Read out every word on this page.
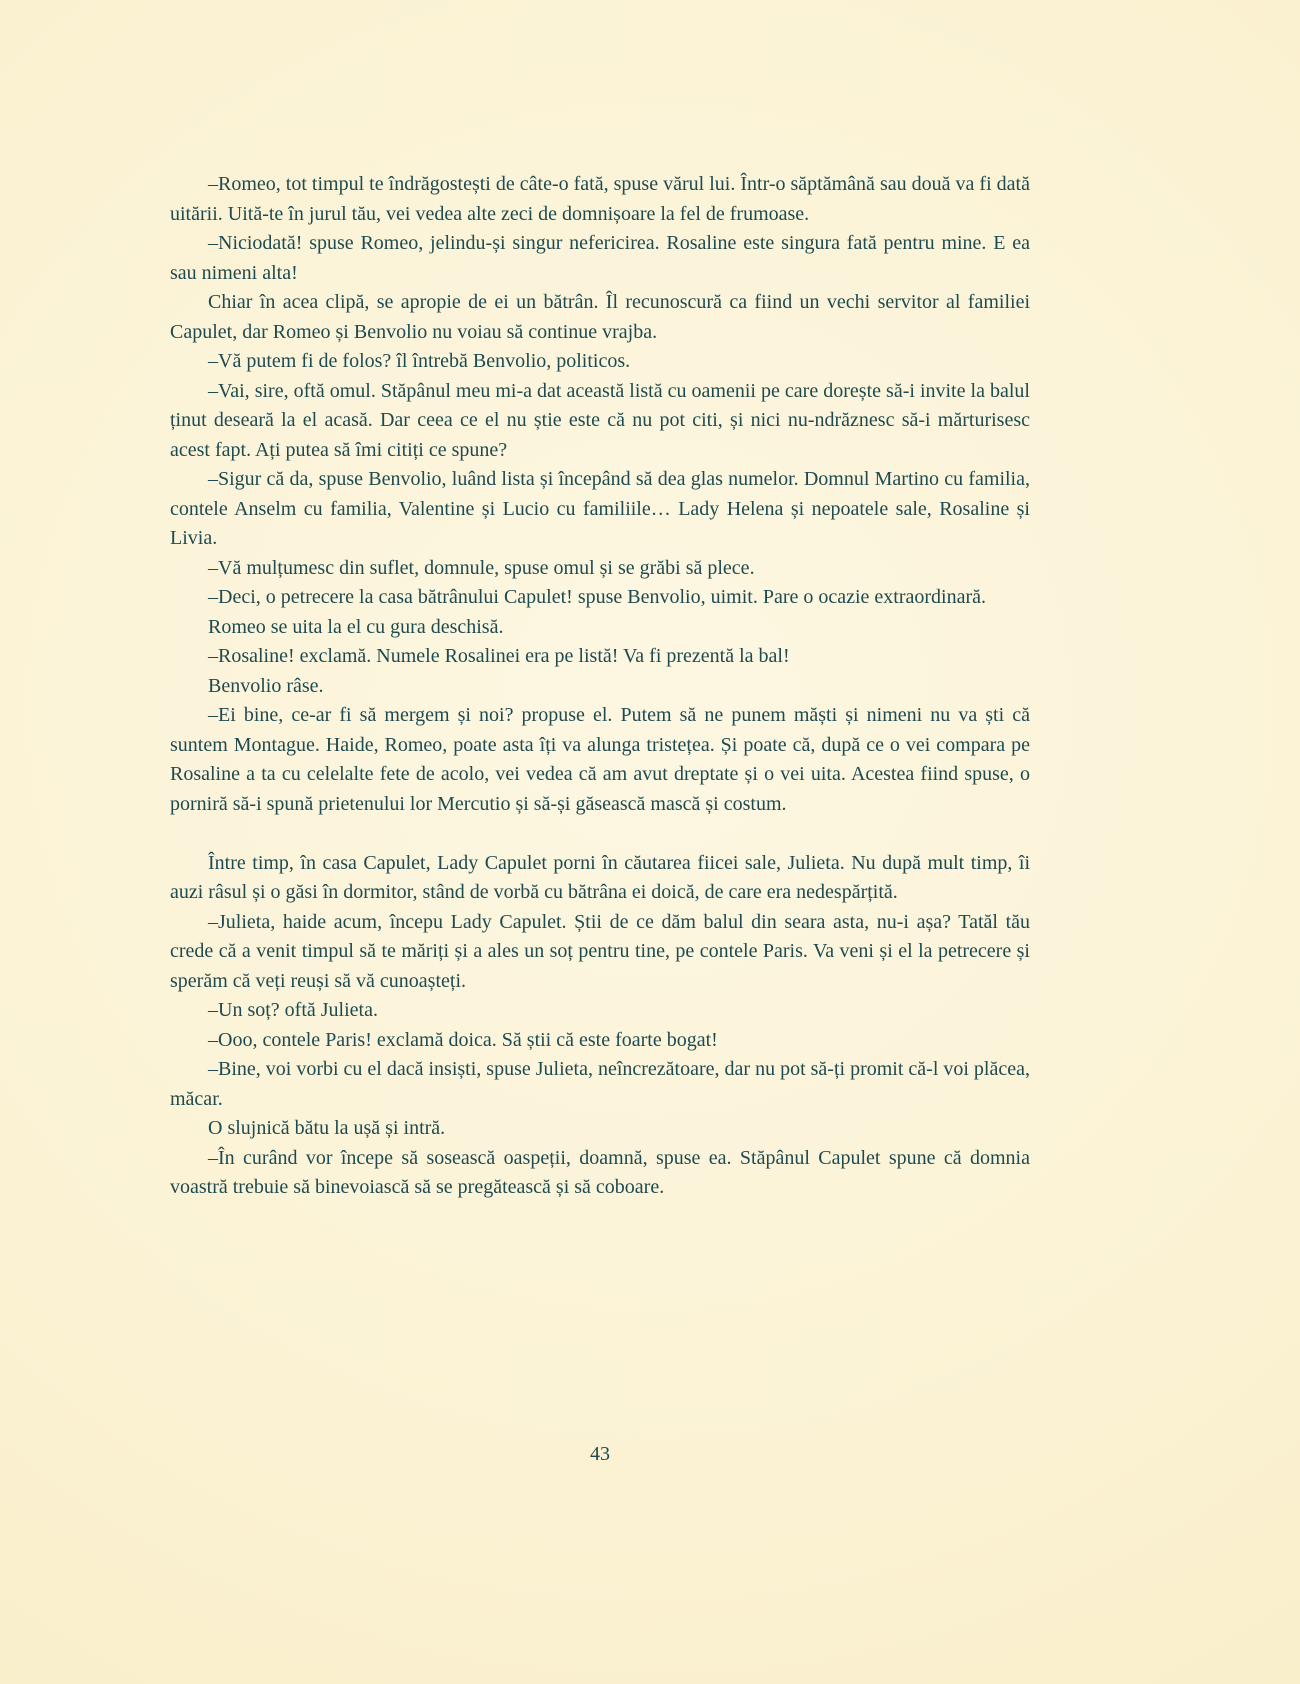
–Romeo, tot timpul te îndrăgostești de câte-o fată, spuse vărul lui. Într-o săptămână sau două va fi dată uitării. Uită-te în jurul tău, vei vedea alte zeci de domnișoare la fel de frumoase.

–Niciodată! spuse Romeo, jelindu-și singur nefericirea. Rosaline este singura fată pentru mine. E ea sau nimeni alta!

Chiar în acea clipă, se apropie de ei un bătrân. Îl recunoscură ca fiind un vechi servitor al familiei Capulet, dar Romeo și Benvolio nu voiau să continue vrajba.

–Vă putem fi de folos? îl întrebă Benvolio, politicos.

–Vai, sire, oftă omul. Stăpânul meu mi-a dat această listă cu oamenii pe care dorește să-i invite la balul ținut deseară la el acasă. Dar ceea ce el nu știe este că nu pot citi, și nici nu-ndrăznesc să-i mărturisesc acest fapt. Ați putea să îmi citiți ce spune?

–Sigur că da, spuse Benvolio, luând lista și începând să dea glas numelor. Domnul Martino cu familia, contele Anselm cu familia, Valentine și Lucio cu familiile… Lady Helena și nepoatele sale, Rosaline și Livia.

–Vă mulțumesc din suflet, domnule, spuse omul și se grăbi să plece.

–Deci, o petrecere la casa bătrânului Capulet! spuse Benvolio, uimit. Pare o ocazie extraordinară.

Romeo se uita la el cu gura deschisă.

–Rosaline! exclamă. Numele Rosalinei era pe listă! Va fi prezentă la bal!

Benvolio râse.

–Ei bine, ce-ar fi să mergem și noi? propuse el. Putem să ne punem măști și nimeni nu va ști că suntem Montague. Haide, Romeo, poate asta îți va alunga tristețea. Și poate că, după ce o vei compara pe Rosaline a ta cu celelalte fete de acolo, vei vedea că am avut dreptate și o vei uita. Acestea fiind spuse, o porniră să-i spună prietenului lor Mercutio și să-și găsească mască și costum.

Între timp, în casa Capulet, Lady Capulet porni în căutarea fiicei sale, Julieta. Nu după mult timp, îi auzi râsul și o găsi în dormitor, stând de vorbă cu bătrâna ei doică, de care era nedespărțită.

–Julieta, haide acum, începu Lady Capulet. Știi de ce dăm balul din seara asta, nu-i așa? Tatăl tău crede că a venit timpul să te măriți și a ales un soț pentru tine, pe contele Paris. Va veni și el la petrecere și sperăm că veți reuși să vă cunoașteți.

–Un soț? oftă Julieta.

–Ooo, contele Paris! exclamă doica. Să știi că este foarte bogat!

–Bine, voi vorbi cu el dacă insiști, spuse Julieta, neîncrezătoare, dar nu pot să-ți promit că-l voi plăcea, măcar.

O slujnică bătu la ușă și intră.

–În curând vor începe să sosească oaspeții, doamnă, spuse ea. Stăpânul Capulet spune că domnia voastră trebuie să binevoiască să se pregătească și să coboare.

43
